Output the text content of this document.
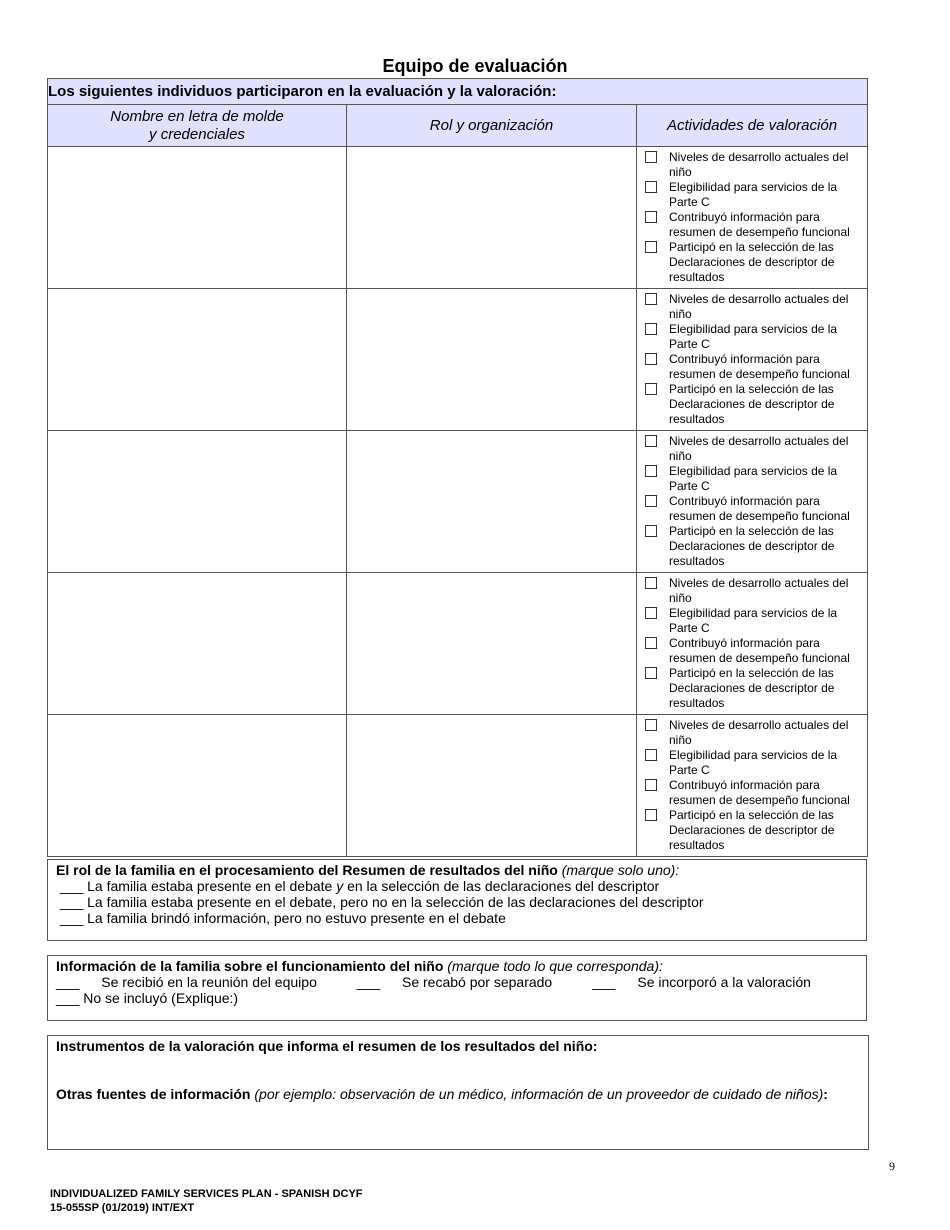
Equipo de evaluación
Los siguientes individuos participaron en la evaluación y la valoración:		
Nombre en letra de molde
y credenciales	Rol y organización	Actividades de valoración

		Niveles de desarrollo actuales del niño
Elegibilidad para servicios de la Parte C
Contribuyó información para resumen de desempeño funcional
Participó en la selección de las Declaraciones de descriptor de resultados

		Niveles de desarrollo actuales del niño
Elegibilidad para servicios de la Parte C
Contribuyó información para resumen de desempeño funcional
Participó en la selección de las Declaraciones de descriptor de resultados

		Niveles de desarrollo actuales del niño
Elegibilidad para servicios de la Parte C
Contribuyó información para resumen de desempeño funcional
Participó en la selección de las Declaraciones de descriptor de resultados

		Niveles de desarrollo actuales del niño
Elegibilidad para servicios de la Parte C
Contribuyó información para resumen de desempeño funcional
Participó en la selección de las Declaraciones de descriptor de resultados

		Niveles de desarrollo actuales del niño
Elegibilidad para servicios de la Parte C
Contribuyó información para resumen de desempeño funcional
Participó en la selección de las Declaraciones de descriptor de resultados
El rol de la familia en el procesamiento del Resumen de resultados del niño (marque solo uno):
___ La familia estaba presente en el debate y en la selección de las declaraciones del descriptor
___ La familia estaba presente en el debate, pero no en la selección de las declaraciones del descriptor
___ La familia brindó información, pero no estuvo presente en el debate
Información de la familia sobre el funcionamiento del niño (marque todo lo que corresponda):
___ Se recibió en la reunión del equipo	___ Se recabó por separado	___ Se incorporó a la valoración
___ No se incluyó (Explique:)
Instrumentos de la valoración que informa el resumen de los resultados del niño:
Otras fuentes de información (por ejemplo: observación de un médico, información de un proveedor de cuidado de niños):
9
INDIVIDUALIZED FAMILY SERVICES PLAN - SPANISH DCYF
15-055SP (01/2019) INT/EXT
